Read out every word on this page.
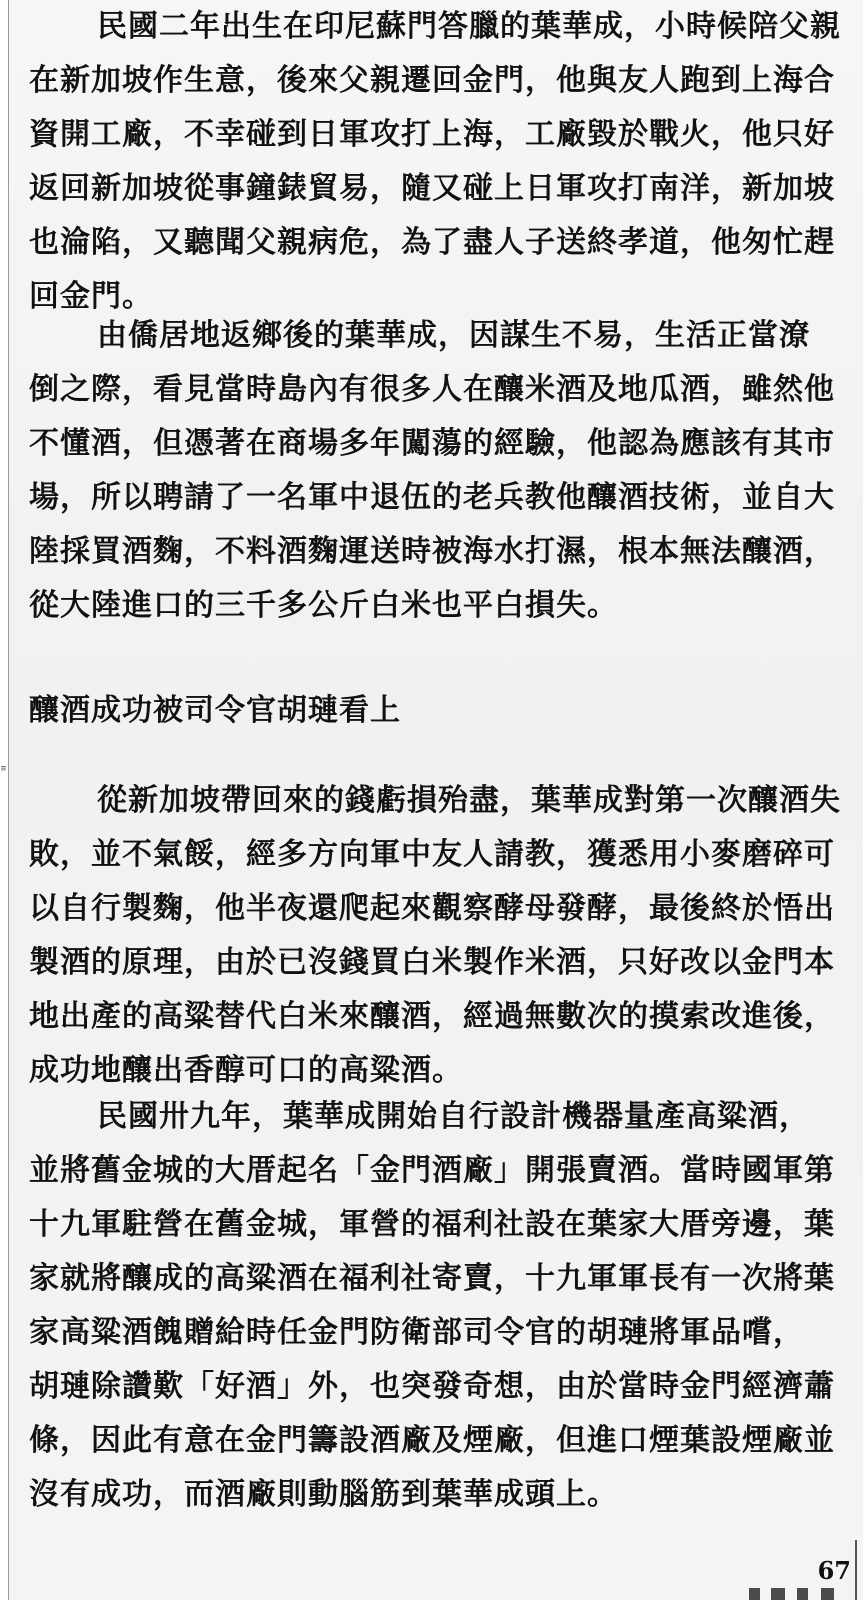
≡
民國二年出生在印尼蘇門答臘的葉華成，小時候陪父親
在新加坡作生意，後來父親遷回金門，他與友人跑到上海合
資開工廠，不幸碰到日軍攻打上海，工廠毀於戰火，他只好
返回新加坡從事鐘錶貿易，隨又碰上日軍攻打南洋，新加坡
也淪陷，又聽聞父親病危，為了盡人子送終孝道，他匆忙趕
回金門。
由僑居地返鄉後的葉華成，因謀生不易，生活正當潦
倒之際，看見當時島內有很多人在釀米酒及地瓜酒，雖然他
不懂酒，但憑著在商場多年闖蕩的經驗，他認為應該有其市
場，所以聘請了一名軍中退伍的老兵教他釀酒技術，並自大
陸採買酒麴，不料酒麴運送時被海水打濕，根本無法釀酒，
從大陸進口的三千多公斤白米也平白損失。
釀酒成功被司令官胡璉看上
從新加坡帶回來的錢虧損殆盡，葉華成對第一次釀酒失
敗，並不氣餒，經多方向軍中友人請教，獲悉用小麥磨碎可
以自行製麴，他半夜還爬起來觀察酵母發酵，最後終於悟出
製酒的原理，由於已沒錢買白米製作米酒，只好改以金門本
地出產的高粱替代白米來釀酒，經過無數次的摸索改進後，
成功地釀出香醇可口的高粱酒。
民國卅九年，葉華成開始自行設計機器量產高粱酒，
並將舊金城的大厝起名「金門酒廠」開張賣酒。當時國軍第
十九軍駐營在舊金城，軍營的福利社設在葉家大厝旁邊，葉
家就將釀成的高粱酒在福利社寄賣，十九軍軍長有一次將葉
家高粱酒餽贈給時任金門防衛部司令官的胡璉將軍品嚐，
胡璉除讚歎「好酒」外，也突發奇想，由於當時金門經濟蕭
條，因此有意在金門籌設酒廠及煙廠，但進口煙葉設煙廠並
沒有成功，而酒廠則動腦筋到葉華成頭上。
67
